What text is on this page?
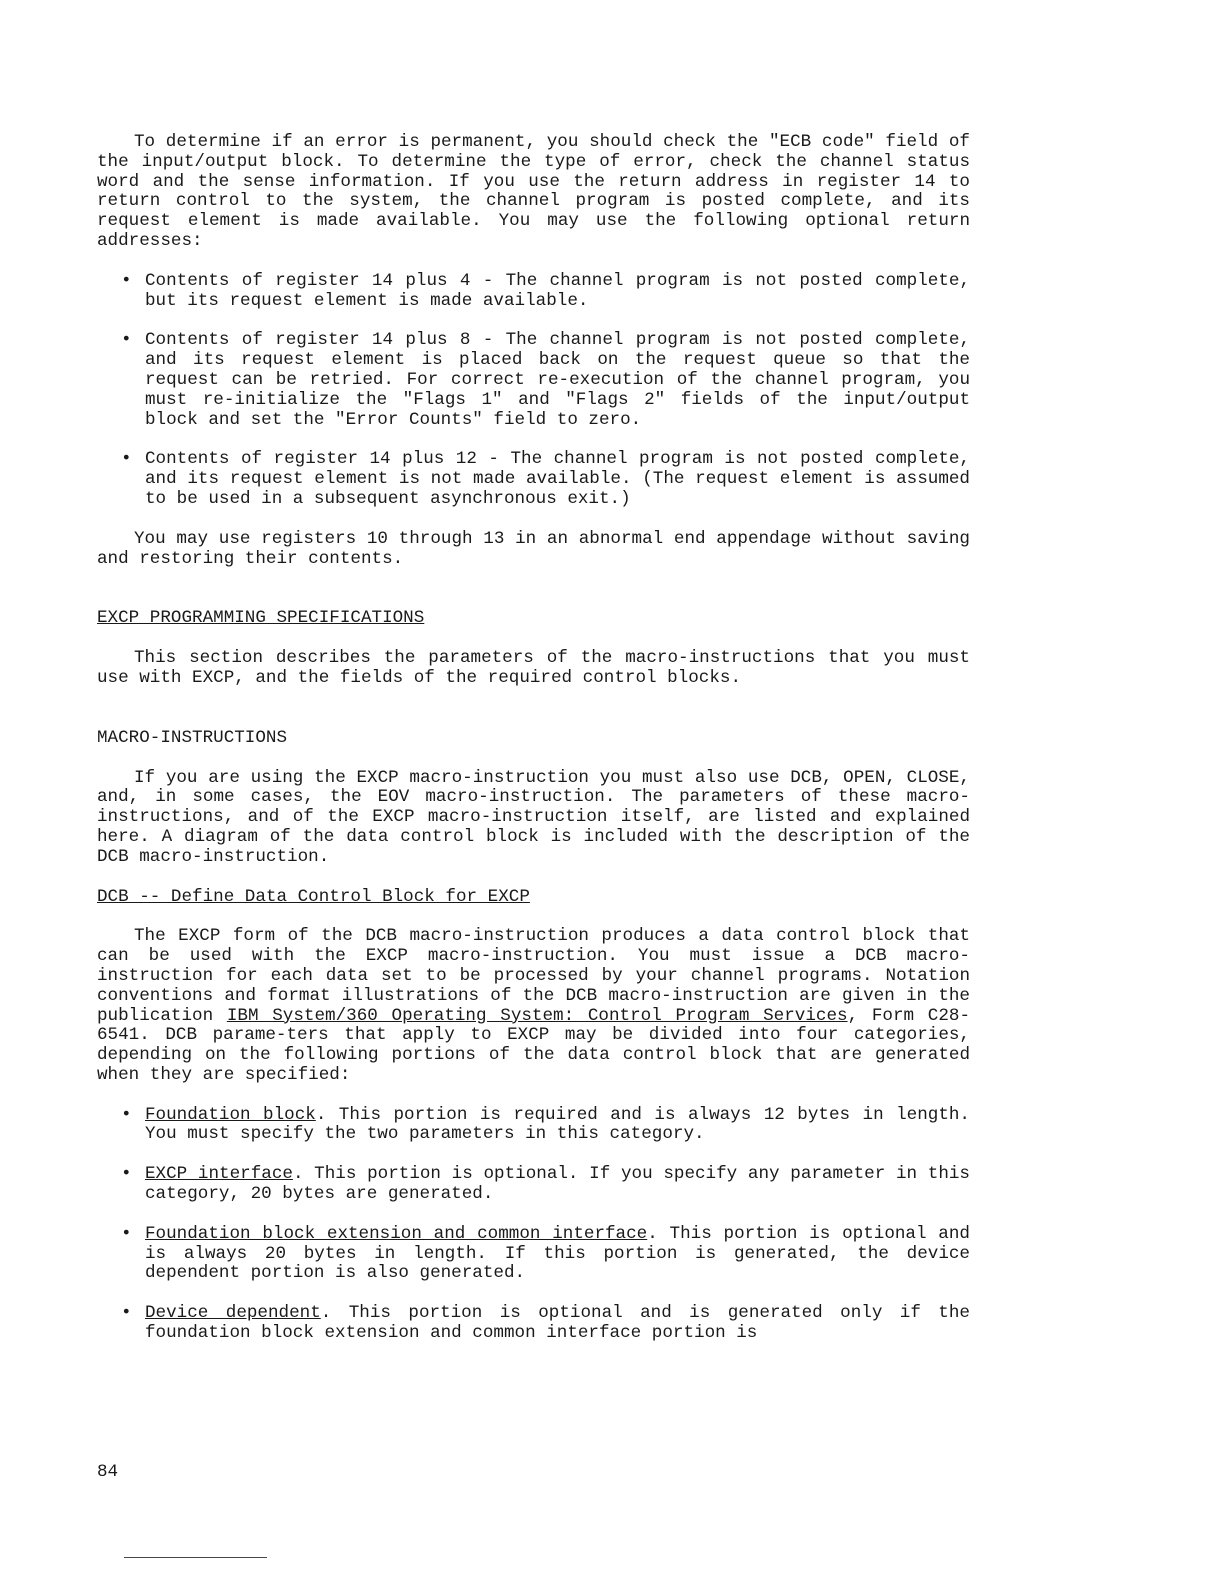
To determine if an error is permanent, you should check the "ECB code" field of the input/output block. To determine the type of error, check the channel status word and the sense information. If you use the return address in register 14 to return control to the system, the channel program is posted complete, and its request element is made available. You may use the following optional return addresses:

• Contents of register 14 plus 4 - The channel program is not posted complete, but its request element is made available.
• Contents of register 14 plus 8 - The channel program is not posted complete, and its request element is placed back on the request queue so that the request can be retried. For correct re-execution of the channel program, you must re-initialize the "Flags 1" and "Flags 2" fields of the input/output block and set the "Error Counts" field to zero.
• Contents of register 14 plus 12 - The channel program is not posted complete, and its request element is not made available. (The request element is assumed to be used in a subsequent asynchronous exit.)

You may use registers 10 through 13 in an abnormal end appendage without saving and restoring their contents.

EXCP PROGRAMMING SPECIFICATIONS

This section describes the parameters of the macro-instructions that you must use with EXCP, and the fields of the required control blocks.

MACRO-INSTRUCTIONS

If you are using the EXCP macro-instruction you must also use DCB, OPEN, CLOSE, and, in some cases, the EOV macro-instruction. The parameters of these macro-instructions, and of the EXCP macro-instruction itself, are listed and explained here. A diagram of the data control block is included with the description of the DCB macro-instruction.

DCB -- Define Data Control Block for EXCP

The EXCP form of the DCB macro-instruction produces a data control block that can be used with the EXCP macro-instruction. You must issue a DCB macro-instruction for each data set to be processed by your channel programs. Notation conventions and format illustrations of the DCB macro-instruction are given in the publication IBM System/360 Operating System: Control Program Services, Form C28-6541. DCB parame-ters that apply to EXCP may be divided into four categories, depending on the following portions of the data control block that are generated when they are specified:

• Foundation block. This portion is required and is always 12 bytes in length. You must specify the two parameters in this category.
• EXCP interface. This portion is optional. If you specify any parameter in this category, 20 bytes are generated.
• Foundation block extension and common interface. This portion is optional and is always 20 bytes in length. If this portion is generated, the device dependent portion is also generated.
• Device dependent. This portion is optional and is generated only if the foundation block extension and common interface portion is
84
